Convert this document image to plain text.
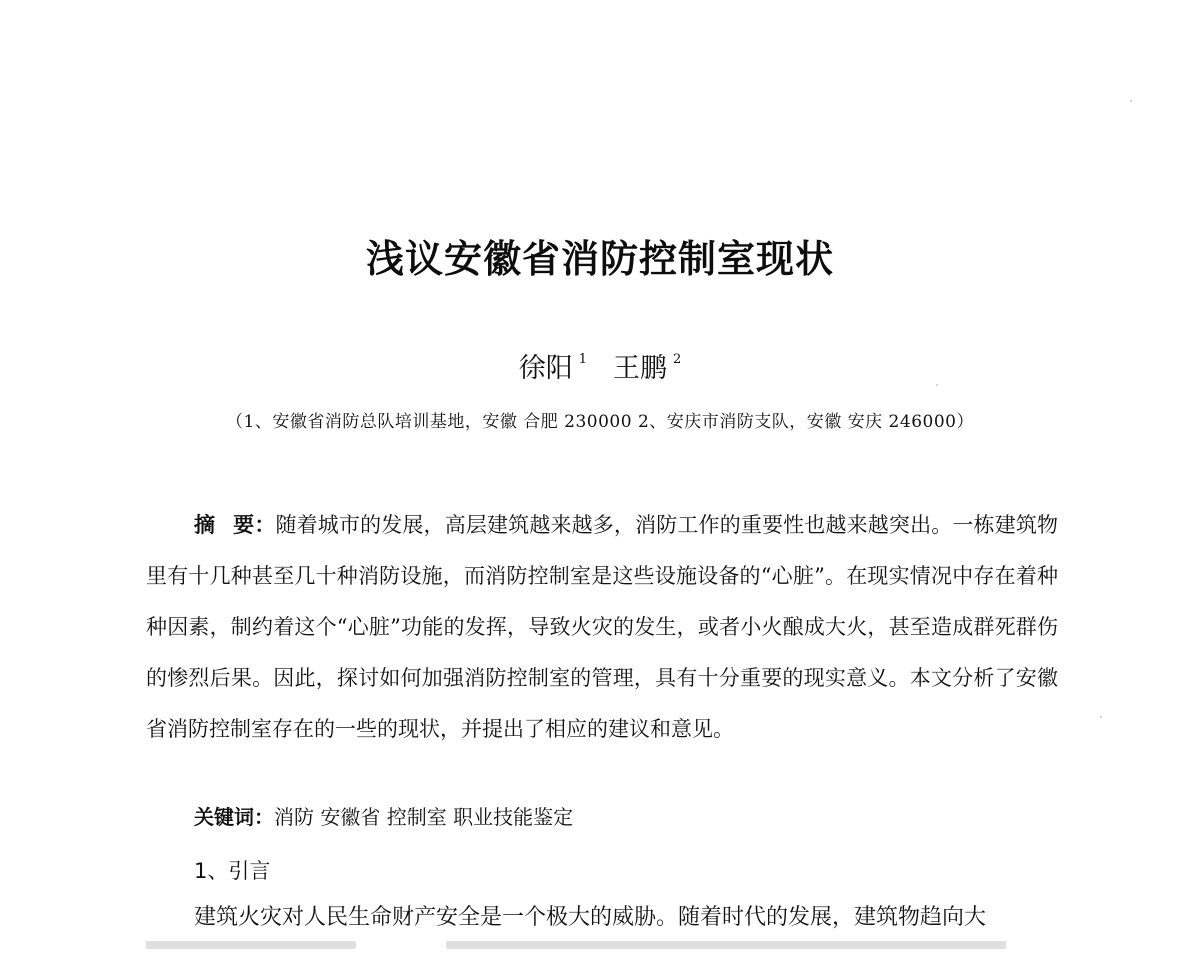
浅议安徽省消防控制室现状
徐阳 $^1$ 王鹏 $^2$
（1、安徽省消防总队培训基地，安徽 合肥 230000 2、安庆市消防支队，安徽 安庆 246000）
摘 要：随着城市的发展，高层建筑越来越多，消防工作的重要性也越来越突出。一栋建筑物里有十几种甚至几十种消防设施，而消防控制室是这些设施设备的“心脏”。在现实情况中存在着种种因素，制约着这个“心脏”功能的发挥，导致火灾的发生，或者小火酿成大火，甚至造成群死群伤的惨烈后果。因此，探讨如何加强消防控制室的管理，具有十分重要的现实意义。本文分析了安徽省消防控制室存在的一些的现状，并提出了相应的建议和意见。
关键词：消防 安徽省 控制室 职业技能鉴定
1、引言
建筑火灾对人民生命财产安全是一个极大的威胁。随着时代的发展，建筑物趋向大
